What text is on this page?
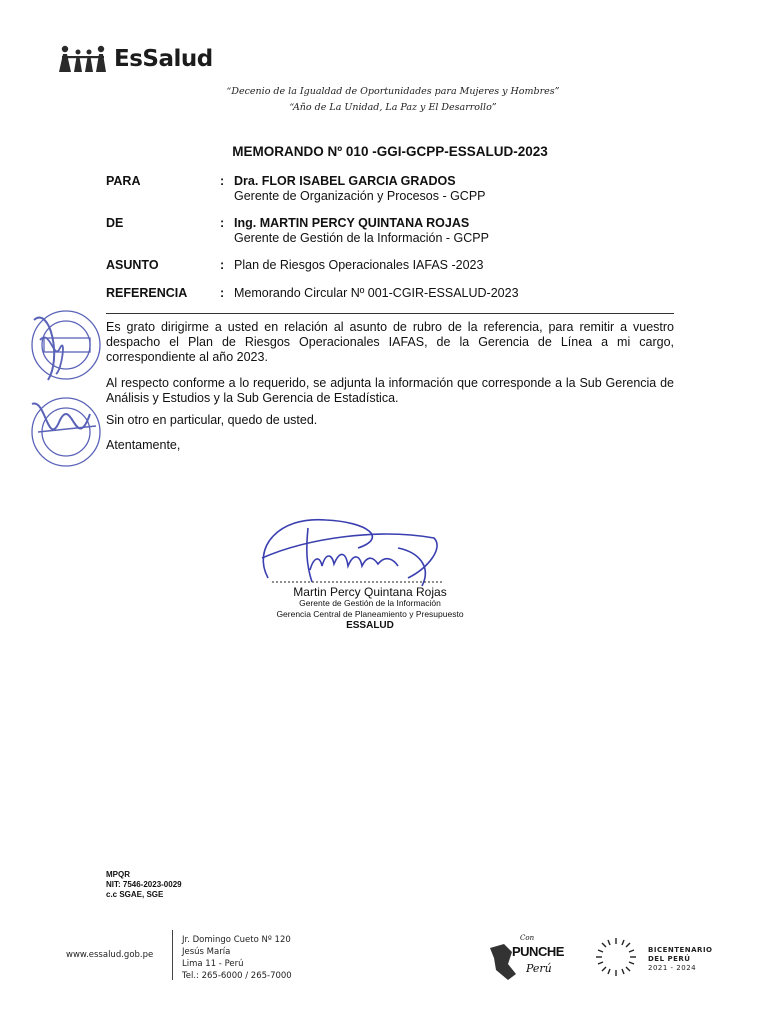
EsSalud
“Decenio de la Igualdad de Oportunidades para Mujeres y Hombres”
“Año de La Unidad, La Paz y El Desarrollo”
MEMORANDO Nº 010 -GGI-GCPP-ESSALUD-2023
PARA	: Dra. FLOR ISABEL GARCIA GRADOS
Gerente de Organización y Procesos - GCPP
DE	: Ing. MARTIN PERCY QUINTANA ROJAS
Gerente de Gestión de la Información - GCPP
ASUNTO	: Plan de Riesgos Operacionales IAFAS -2023
REFERENCIA	: Memorando Circular Nº 001-CGIR-ESSALUD-2023
Es grato dirigirme a usted en relación al asunto de rubro de la referencia, para remitir a vuestro despacho el Plan de Riesgos Operacionales IAFAS, de la Gerencia de Línea a mi cargo, correspondiente al año 2023.
Al respecto conforme a lo requerido, se adjunta la información que corresponde a la Sub Gerencia de Análisis y Estudios y la Sub Gerencia de Estadística.
Sin otro en particular, quedo de usted.
Atentamente,
Martin Percy Quintana Rojas
Gerente de Gestión de la Información
Gerencia Central de Planeamiento y Presupuesto
ESSALUD
MPQR
NIT: 7546-2023-0029
c.c SGAE, SGE
www.essalud.gob.pe
Jr. Domingo Cueto Nº 120
Jesús María
Lima 11 - Perú
Tel.: 265-6000 / 265-7000
Con
PUNCHE
Perú
BICENTENARIO
DEL PERÚ
2021 - 2024
